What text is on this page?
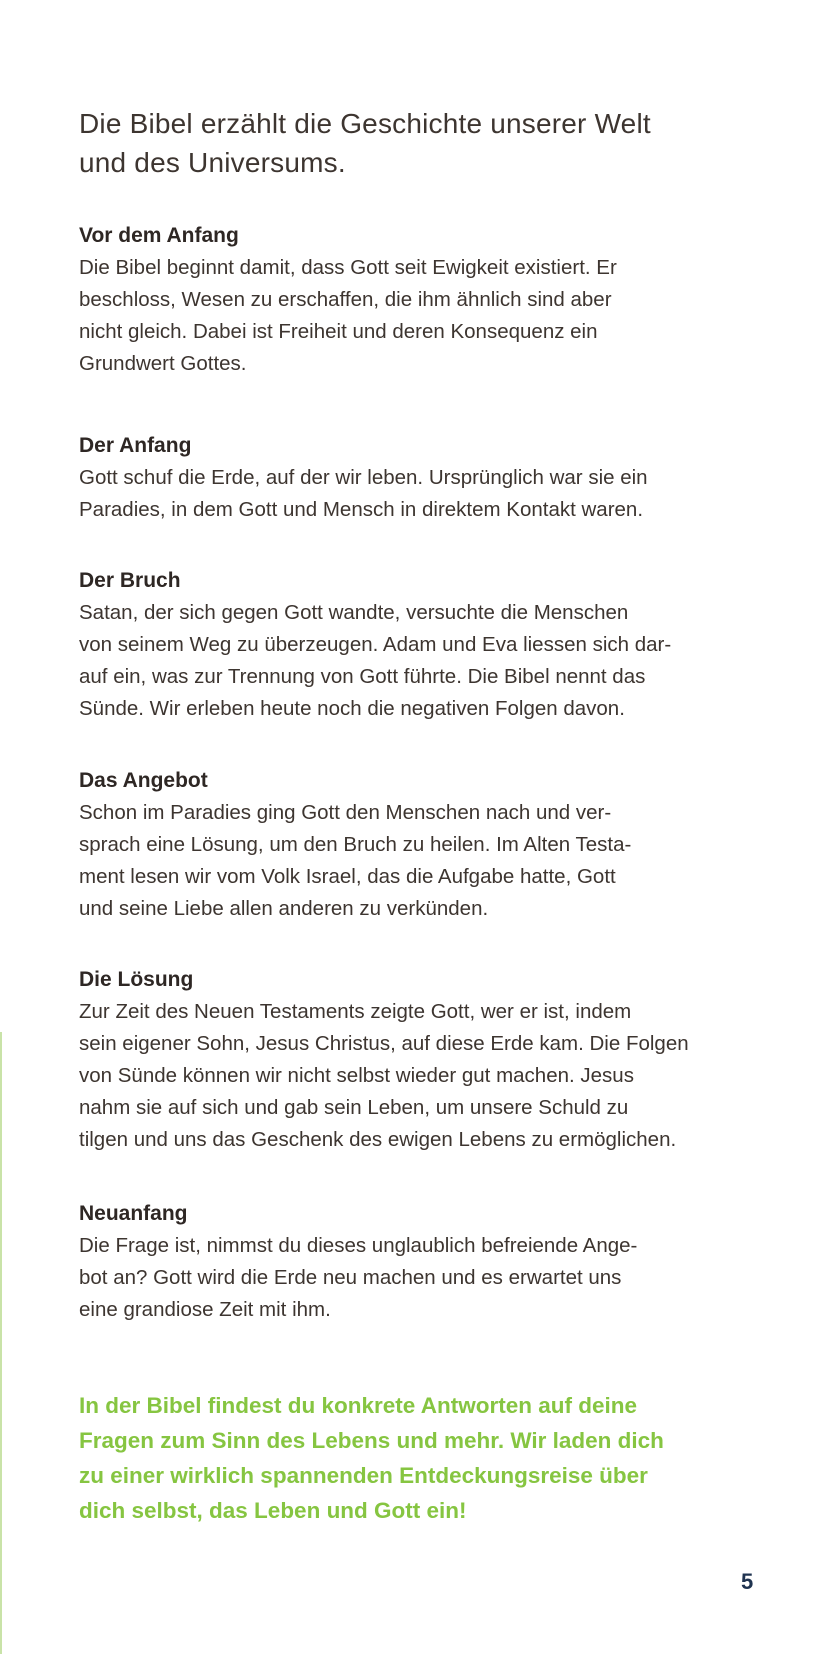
Die Bibel erzählt die Geschichte unserer Welt
und des Universums.
Vor dem Anfang

Die Bibel beginnt damit, dass Gott seit Ewigkeit existiert. Er
beschloss, Wesen zu erschaffen, die ihm ähnlich sind aber
nicht gleich. Dabei ist Freiheit und deren Konsequenz ein
Grundwert Gottes.

Der Anfang

Gott schuf die Erde, auf der wir leben. Ursprünglich war sie ein
Paradies, in dem Gott und Mensch in direktem Kontakt waren.

Der Bruch

Satan, der sich gegen Gott wandte, versuchte die Menschen
von seinem Weg zu überzeugen. Adam und Eva liessen sich dar-
auf ein, was zur Trennung von Gott führte. Die Bibel nennt das
Sünde. Wir erleben heute noch die negativen Folgen davon.

Das Angebot

Schon im Paradies ging Gott den Menschen nach und ver-
sprach eine Lösung, um den Bruch zu heilen. Im Alten Testa-
ment lesen wir vom Volk Israel, das die Aufgabe hatte, Gott
und seine Liebe allen anderen zu verkünden.

Die Lösung

Zur Zeit des Neuen Testaments zeigte Gott, wer er ist, indem
sein eigener Sohn, Jesus Christus, auf diese Erde kam. Die Folgen
von Sünde können wir nicht selbst wieder gut machen. Jesus
nahm sie auf sich und gab sein Leben, um unsere Schuld zu
tilgen und uns das Geschenk des ewigen Lebens zu ermöglichen.

Neuanfang

Die Frage ist, nimmst du dieses unglaublich befreiende Ange-
bot an? Gott wird die Erde neu machen und es erwartet uns
eine grandiose Zeit mit ihm.

In der Bibel findest du konkrete Antworten auf deine
Fragen zum Sinn des Lebens und mehr. Wir laden dich
zu einer wirklich spannenden Entdeckungsreise über
dich selbst, das Leben und Gott ein!

5
